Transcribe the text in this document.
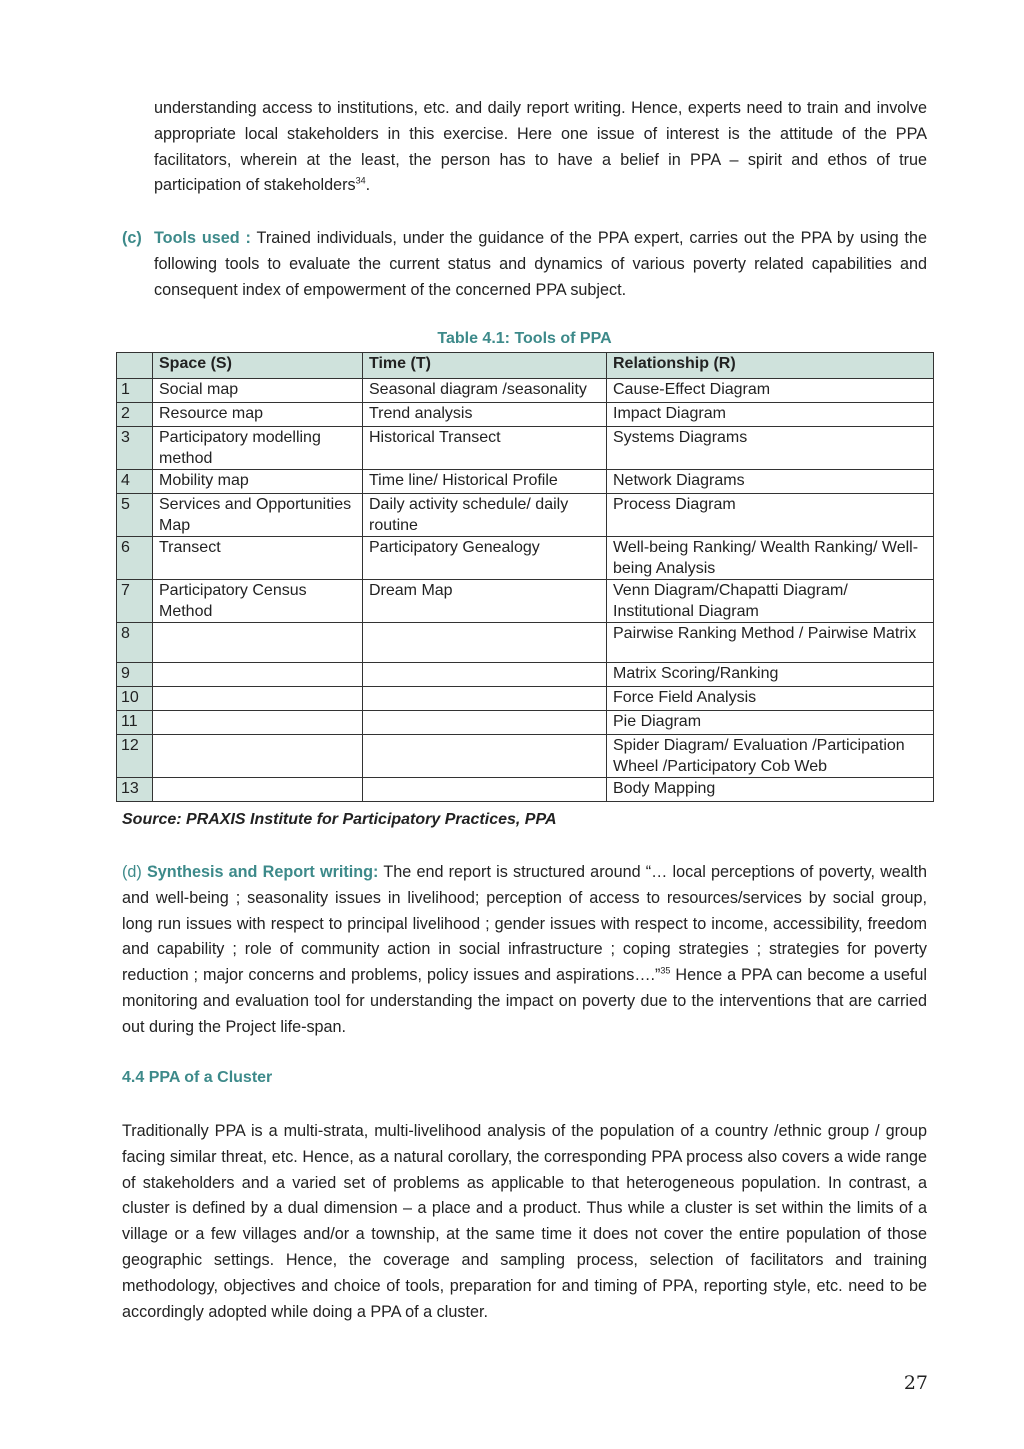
understanding access to institutions, etc. and daily report writing. Hence, experts need to train and involve appropriate local stakeholders in this exercise. Here one issue of interest is the attitude of the PPA facilitators, wherein at the least, the person has to have a belief in PPA – spirit and ethos of true participation of stakeholders$^{34}$.

(c) Tools used : Trained individuals, under the guidance of the PPA expert, carries out the PPA by using the following tools to evaluate the current status and dynamics of various poverty related capabilities and consequent index of empowerment of the concerned PPA subject.
Table 4.1: Tools of PPA
	Space (S)	Time (T)	Relationship (R)
1	Social map	Seasonal diagram /seasonality	Cause-Effect Diagram
2	Resource map	Trend analysis	Impact Diagram
3	Participatory modelling method	Historical Transect	Systems Diagrams
4	Mobility map	Time line/ Historical Profile	Network Diagrams
5	Services and Opportunities Map	Daily activity schedule/ daily routine	Process Diagram
6	Transect	Participatory Genealogy	Well-being Ranking/ Wealth Ranking/ Well-being Analysis
7	Participatory Census Method	Dream Map	Venn Diagram/Chapatti Diagram/ Institutional Diagram
8			Pairwise Ranking Method / Pairwise Matrix
9			Matrix Scoring/Ranking
10			Force Field Analysis
11			Pie Diagram
12			Spider Diagram/ Evaluation /Participation Wheel /Participatory Cob Web
13			Body Mapping
Source: PRAXIS Institute for Participatory Practices, PPA

(d) Synthesis and Report writing: The end report is structured around “… local perceptions of poverty, wealth and well-being ; seasonality issues in livelihood; perception of access to resources/services by social group, long run issues with respect to principal livelihood ; gender issues with respect to income, accessibility, freedom and capability ; role of community action in social infrastructure ; coping strategies ; strategies for poverty reduction ; major concerns and problems, policy issues and aspirations….”$^{35}$ Hence a PPA can become a useful monitoring and evaluation tool for understanding the impact on poverty due to the interventions that are carried out during the Project life-span.

4.4 PPA of a Cluster

Traditionally PPA is a multi-strata, multi-livelihood analysis of the population of a country /ethnic group / group facing similar threat, etc. Hence, as a natural corollary, the corresponding PPA process also covers a wide range of stakeholders and a varied set of problems as applicable to that heterogeneous population. In contrast, a cluster is defined by a dual dimension – a place and a product. Thus while a cluster is set within the limits of a village or a few villages and/or a township, at the same time it does not cover the entire population of those geographic settings. Hence, the coverage and sampling process, selection of facilitators and training methodology, objectives and choice of tools, preparation for and timing of PPA, reporting style, etc. need to be accordingly adopted while doing a PPA of a cluster.

27
